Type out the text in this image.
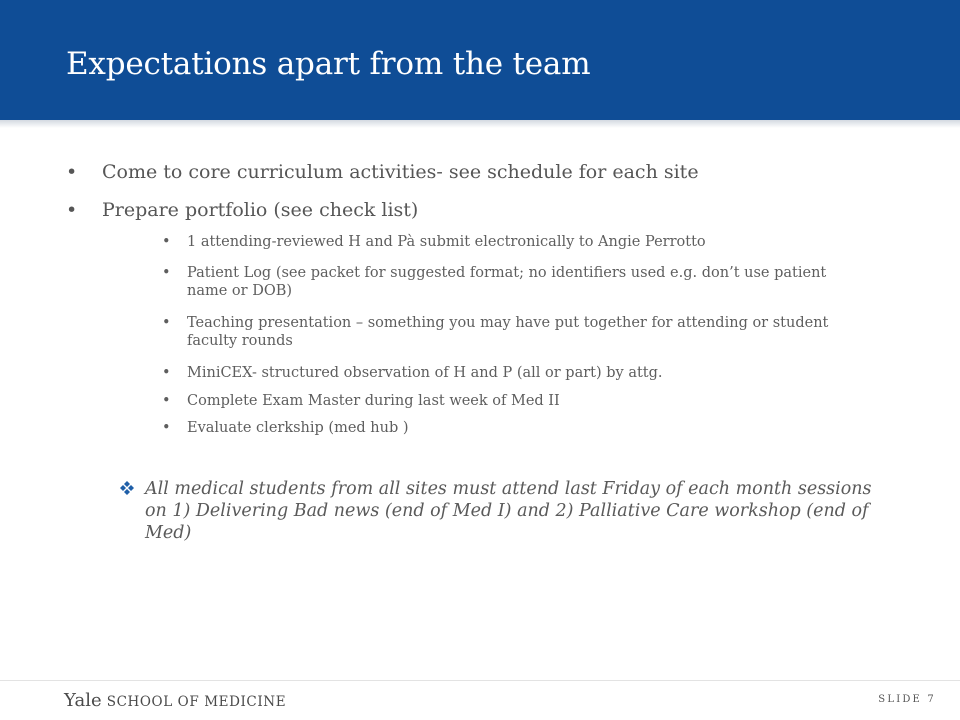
Expectations apart from the team
• Come to core curriculum activities- see schedule for each site
• Prepare portfolio (see check list)
• 1 attending-reviewed H and Pà submit electronically to Angie Perrotto
• Patient Log (see packet for suggested format; no identifiers used e.g. don’t use patient name or DOB)
• Teaching presentation – something you may have put together for attending or student faculty rounds
• MiniCEX- structured observation of H and P (all or part) by attg.
• Complete Exam Master during last week of Med II
• Evaluate clerkship (med hub )
All medical students from all sites must attend last Friday of each month sessions on 1) Delivering Bad news (end of Med I) and 2) Palliative Care workshop (end of Med)
Yale SCHOOL OF MEDICINE	SLIDE 7
